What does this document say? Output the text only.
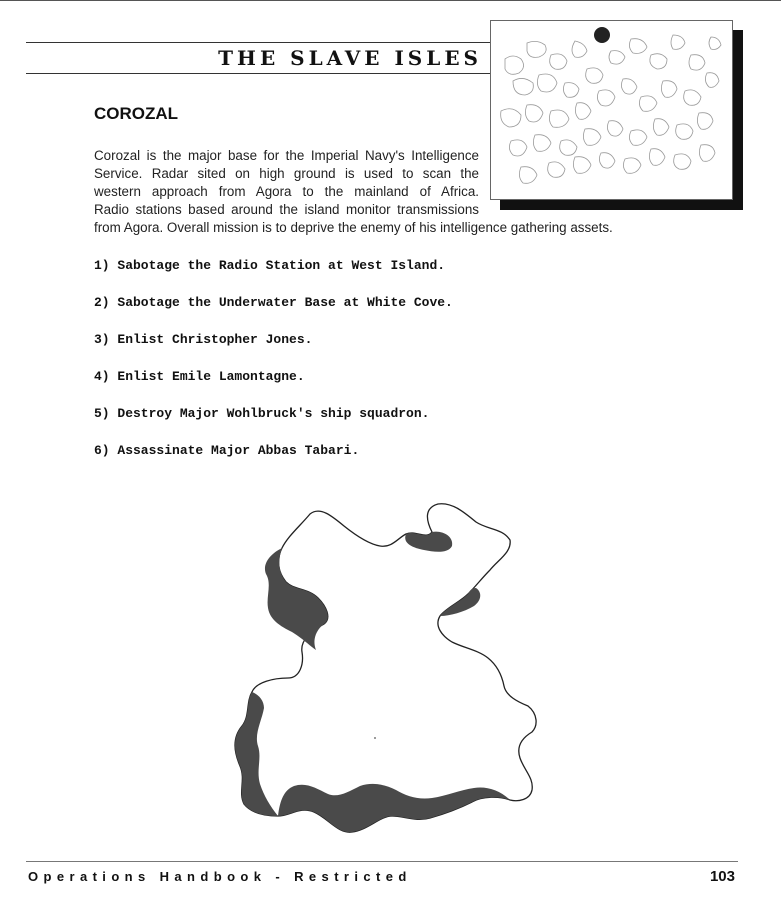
THE SLAVE ISLES
COROZAL
Corozal is the major base for the Imperial Navy's Intelligence
Service. Radar sited on high ground is used to scan the
western approach from Agora to the mainland of Africa.
Radio stations based around the island monitor transmissions
from Agora. Overall mission is to deprive the enemy of his intelligence gathering assets.
1) Sabotage the Radio Station at West Island.
2) Sabotage the Underwater Base at White Cove.
3) Enlist Christopher Jones.
4) Enlist Emile Lamontagne.
5) Destroy Major Wohlbruck's ship squadron.
6) Assassinate Major Abbas Tabari.
Operations Handbook - Restricted	103
